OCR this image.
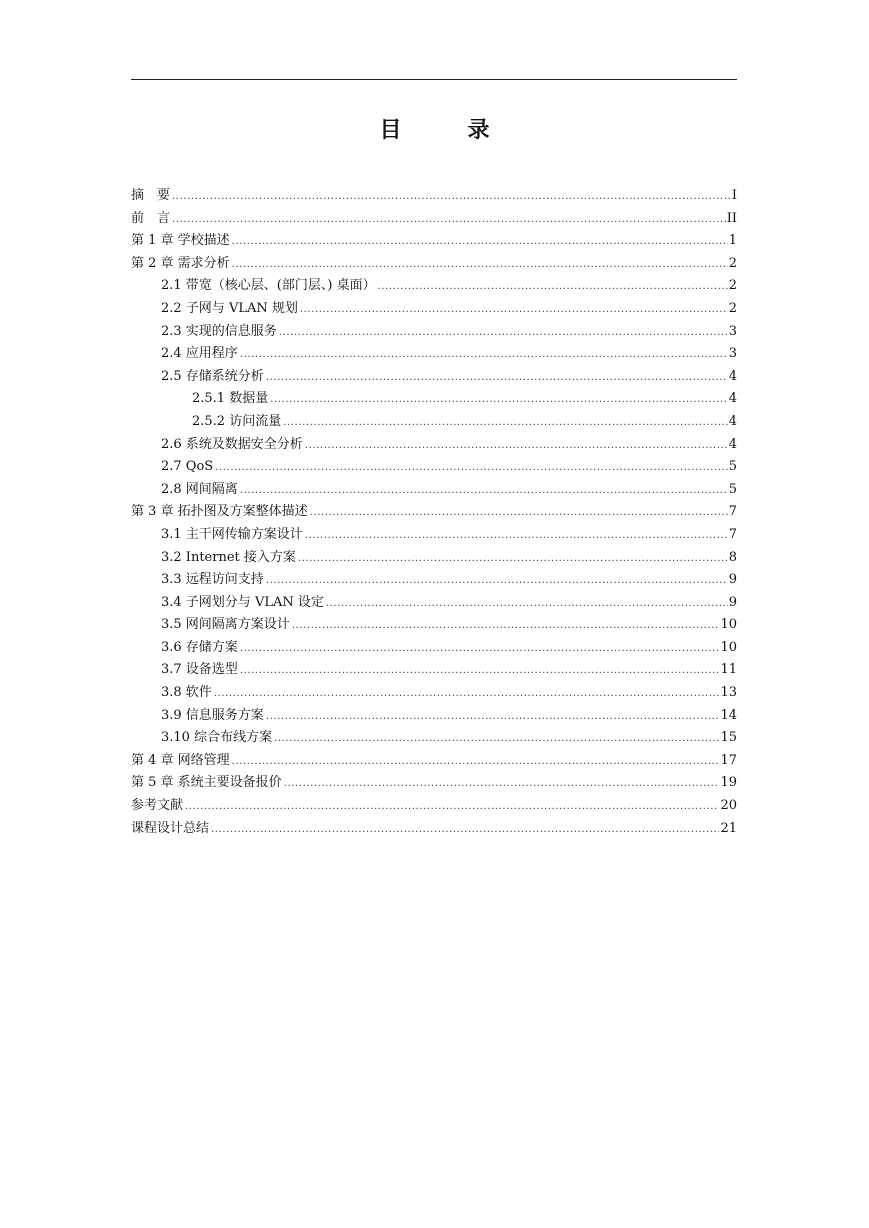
目　录
摘　要 .....	I
前　言 .....	II
第 1 章 学校描述 .....	1
第 2 章 需求分析 .....	2
2.1 带宽（核心层、(部门层、) 桌面） .....	2
2.2 子网与 VLAN 规划 .....	2
2.3 实现的信息服务 .....	3
2.4 应用程序 .....	3
2.5 存储系统分析 .....	4
2.5.1 数据量 .....	4
2.5.2 访问流量 .....	4
2.6 系统及数据安全分析 .....	4
2.7 QoS .....	5
2.8 网间隔离 .....	5
第 3 章 拓扑图及方案整体描述 .....	7
3.1 主干网传输方案设计 .....	7
3.2 Internet 接入方案 .....	8
3.3 远程访问支持 .....	9
3.4 子网划分与 VLAN 设定 .....	9
3.5 网间隔离方案设计 .....	10
3.6 存储方案 .....	10
3.7 设备选型 .....	11
3.8 软件 .....	13
3.9 信息服务方案 .....	14
3.10 综合布线方案 .....	15
第 4 章 网络管理 .....	17
第 5 章 系统主要设备报价 .....	19
参考文献 .....	20
课程设计总结 .....	21
